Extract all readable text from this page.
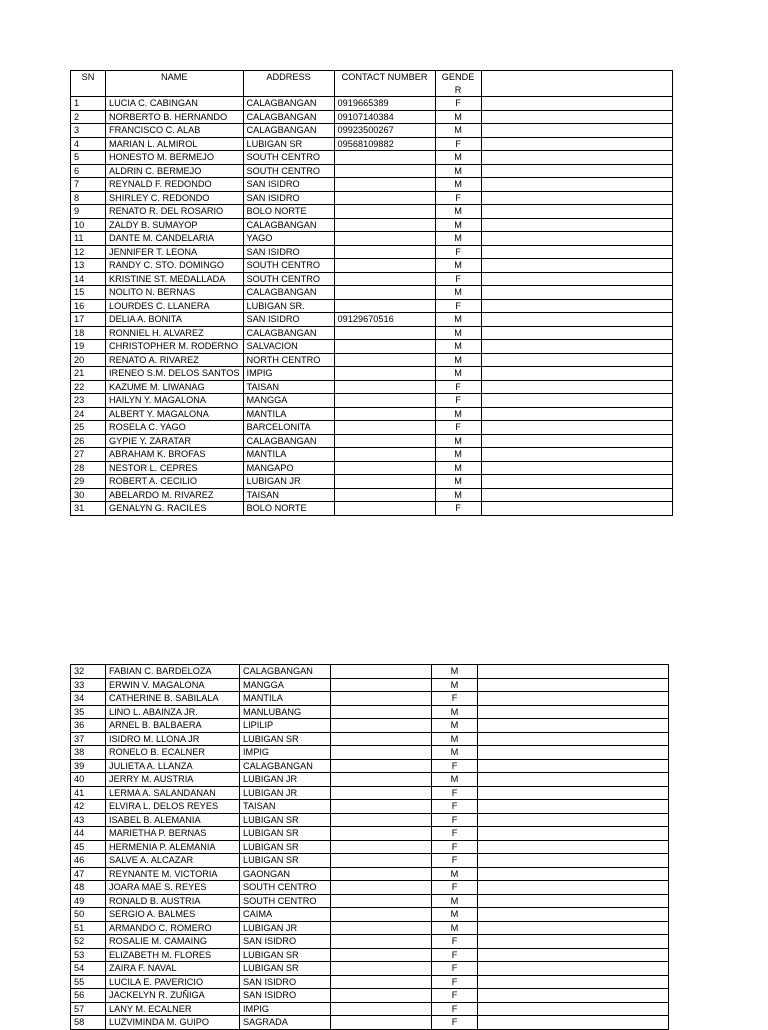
SN	NAME	ADDRESS	CONTACT NUMBER	GENDE
R	
1	LUCIA C. CABINGAN	CALAGBANGAN	0919665389	F	
2	NORBERTO B. HERNANDO	CALAGBANGAN	09107140384	M	
3	FRANCISCO C. ALAB	CALAGBANGAN	09923500267	M	
4	MARIAN L. ALMIROL	LUBIGAN SR	09568109882	F	
5	HONESTO M. BERMEJO	SOUTH CENTRO		M	
6	ALDRIN C. BERMEJO	SOUTH CENTRO		M	
7	REYNALD F. REDONDO	SAN ISIDRO		M	
8	SHIRLEY C. REDONDO	SAN ISIDRO		F	
9	RENATO R. DEL ROSARIO	BOLO NORTE		M	
10	ZALDY B. SUMAYOP	CALAGBANGAN		M	
11	DANTE M. CANDELARIA	YAGO		M	
12	JENNIFER T. LEONA	SAN ISIDRO		F	
13	RANDY C. STO. DOMINGO	SOUTH CENTRO		M	
14	KRISTINE ST. MEDALLADA	SOUTH CENTRO		F	
15	NOLITO N. BERNAS	CALAGBANGAN		M	
16	LOURDES C. LLANERA	LUBIGAN SR.		F	
17	DELIA A. BONITA	SAN ISIDRO	09129670516	M	
18	RONNIEL H. ALVAREZ	CALAGBANGAN		M	
19	CHRISTOPHER M. RODERNO	SALVACION		M	
20	RENATO A. RIVAREZ	NORTH CENTRO		M	
21	IRENEO S.M. DELOS SANTOS	IMPIG		M	
22	KAZUME M. LIWANAG	TAISAN		F	
23	HAILYN Y. MAGALONA	MANGGA		F	
24	ALBERT Y. MAGALONA	MANTILA		M	
25	ROSELA C. YAGO	BARCELONITA		F	
26	GYPIE Y. ZARATAR	CALAGBANGAN		M	
27	ABRAHAM K. BROFAS	MANTILA		M	
28	NESTOR L. CEPRES	MANGAPO		M	
29	ROBERT A. CECILIO	LUBIGAN JR		M	
30	ABELARDO M. RIVAREZ	TAISAN		M	
31	GENALYN G. RACILES	BOLO NORTE		F	
32	FABIAN C. BARDELOZA	CALAGBANGAN		M	
33	ERWIN V. MAGALONA	MANGGA		M	
34	CATHERINE B. SABILALA	MANTILA		F	
35	LINO L. ABAINZA JR.	MANLUBANG		M	
36	ARNEL B. BALBAERA	LIPILIP		M	
37	ISIDRO M. LLONA JR	LUBIGAN SR		M	
38	RONELO B. ECALNER	IMPIG		M	
39	JULIETA A. LLANZA	CALAGBANGAN		F	
40	JERRY M. AUSTRIA	LUBIGAN JR		M	
41	LERMA A. SALANDANAN	LUBIGAN JR		F	
42	ELVIRA L. DELOS REYES	TAISAN		F	
43	ISABEL B. ALEMANIA	LUBIGAN SR		F	
44	MARIETHA P. BERNAS	LUBIGAN SR		F	
45	HERMENIA P. ALEMANIA	LUBIGAN SR		F	
46	SALVE A. ALCAZAR	LUBIGAN SR		F	
47	REYNANTE M. VICTORIA	GAONGAN		M	
48	JOARA MAE S. REYES	SOUTH CENTRO		F	
49	RONALD B. AUSTRIA	SOUTH CENTRO		M	
50	SERGIO A. BALMES	CAIMA		M	
51	ARMANDO C. ROMERO	LUBIGAN JR		M	
52	ROSALIE M. CAMAING	SAN ISIDRO		F	
53	ELIZABETH M. FLORES	LUBIGAN SR		F	
54	ZAIRA F. NAVAL	LUBIGAN SR		F	
55	LUCILA E. PAVERICIO	SAN ISIDRO		F	
56	JACKELYN R. ZUÑIGA	SAN ISIDRO		F	
57	LANY M. ECALNER	IMPIG		F	
58	LUZVIMINDA M. GUIPO	SAGRADA		F	
